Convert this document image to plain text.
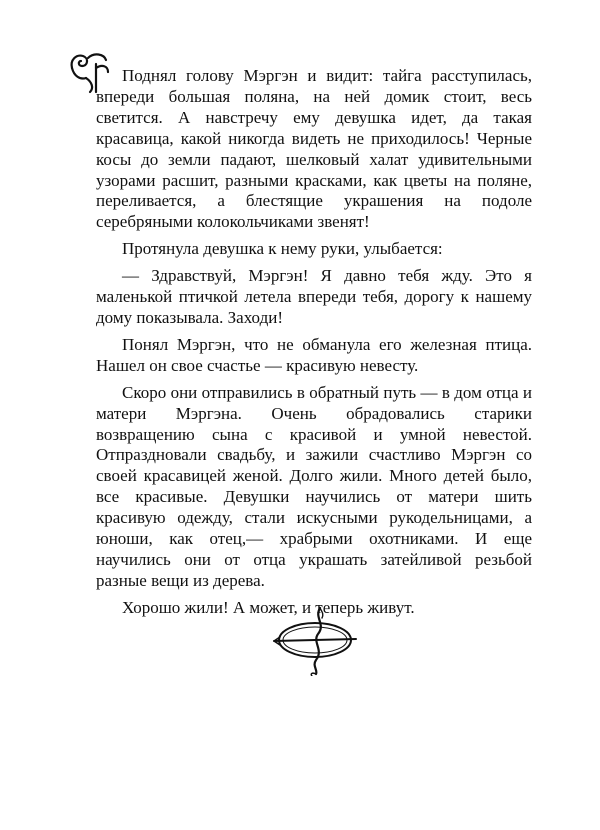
Поднял голову Мэргэн и видит: тайга расступилась, впереди большая поляна, на ней домик стоит, весь светится. А навстречу ему девушка идет, да такая красавица, какой никогда видеть не приходилось! Черные косы до земли падают, шелковый халат удивительными узорами расшит, разными красками, как цветы на поляне, переливается, а блестящие украшения на подоле серебряными колокольчиками звенят!

Протянула девушка к нему руки, улыбается:

— Здравствуй, Мэргэн! Я давно тебя жду. Это я маленькой птичкой летела впереди тебя, дорогу к нашему дому показывала. Заходи!

Понял Мэргэн, что не обманула его железная птица. Нашел он свое счастье — красивую невесту.

Скоро они отправились в обратный путь — в дом отца и матери Мэргэна. Очень обрадовались старики возвращению сына с красивой и умной невестой. Отпраздновали свадьбу, и зажили счастливо Мэргэн со своей красавицей женой. Долго жили. Много детей было, все красивые. Девушки научились от матери шить красивую одежду, стали искусными рукодельницами, а юноши, как отец,— храбрыми охотниками. И еще научились они от отца украшать затейливой резьбой разные вещи из дерева.

Хорошо жили! А может, и теперь живут.
